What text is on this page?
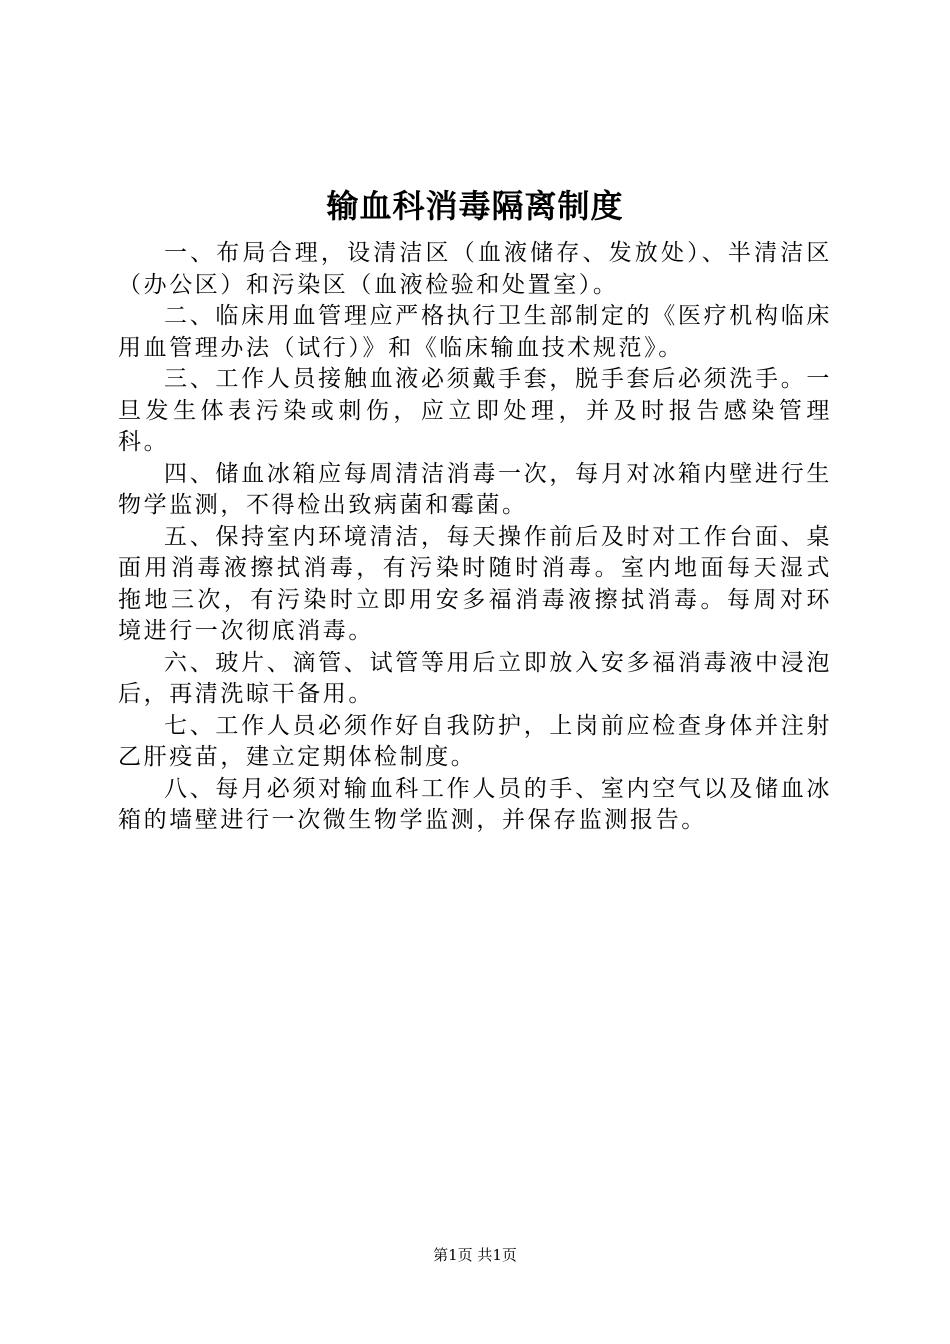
输血科消毒隔离制度

一、布局合理，设清洁区（血液储存、发放处）、半清洁区（办公区）和污染区（血液检验和处置室）。

二、临床用血管理应严格执行卫生部制定的《医疗机构临床用血管理办法（试行）》和《临床输血技术规范》。

三、工作人员接触血液必须戴手套，脱手套后必须洗手。一旦发生体表污染或刺伤，应立即处理，并及时报告感染管理科。

四、储血冰箱应每周清洁消毒一次，每月对冰箱内壁进行生物学监测，不得检出致病菌和霉菌。

五、保持室内环境清洁，每天操作前后及时对工作台面、桌面用消毒液擦拭消毒，有污染时随时消毒。室内地面每天湿式拖地三次，有污染时立即用安多福消毒液擦拭消毒。每周对环境进行一次彻底消毒。

六、玻片、滴管、试管等用后立即放入安多福消毒液中浸泡后，再清洗晾干备用。

七、工作人员必须作好自我防护，上岗前应检查身体并注射乙肝疫苗，建立定期体检制度。

八、每月必须对输血科工作人员的手、室内空气以及储血冰箱的墙壁进行一次微生物学监测，并保存监测报告。

第1页 共1页
